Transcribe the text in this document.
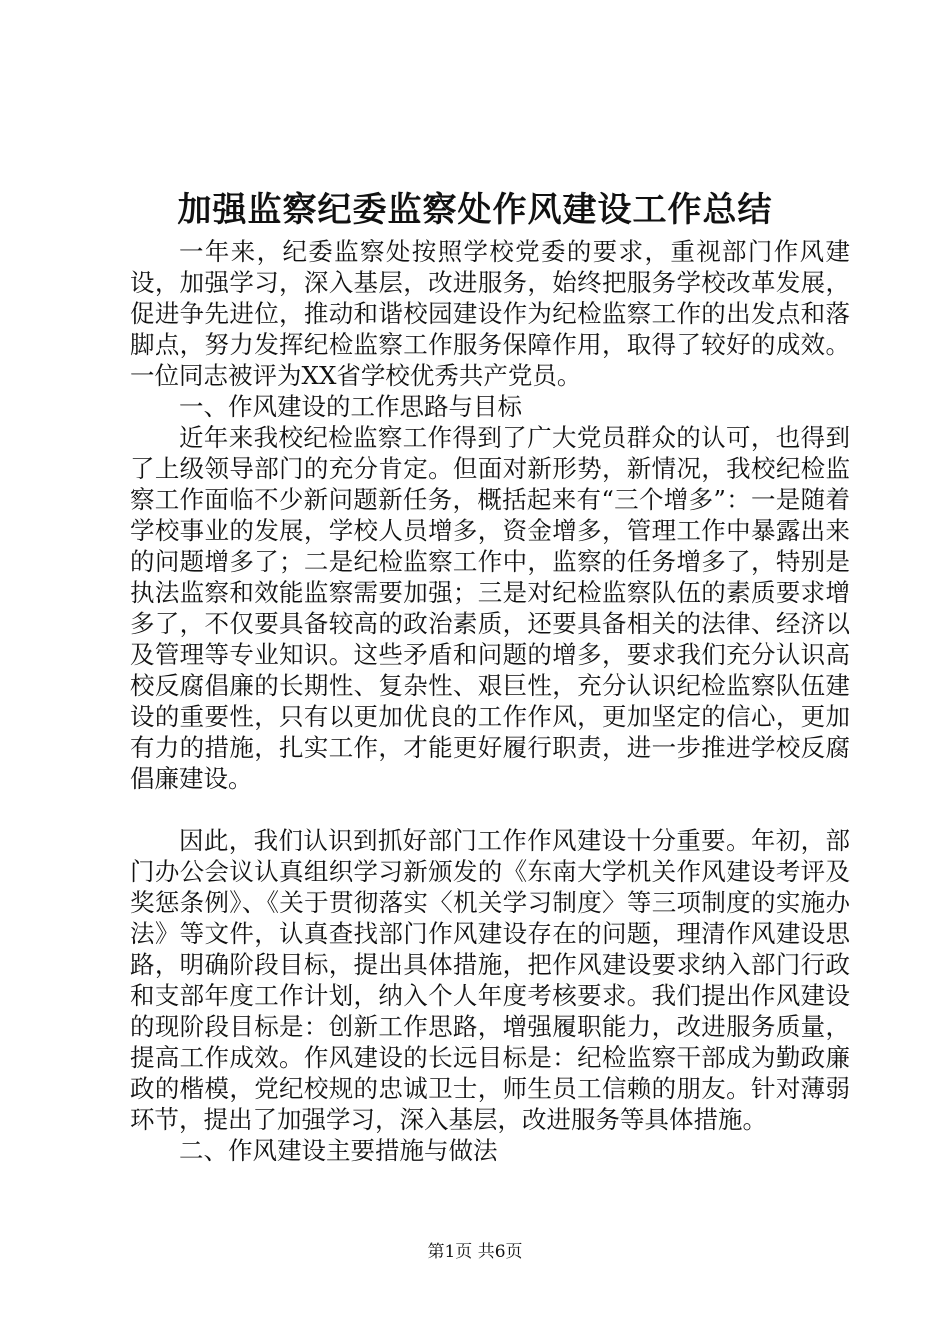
加强监察纪委监察处作风建设工作总结

一年来，纪委监察处按照学校党委的要求，重视部门作风建设，加强学习，深入基层，改进服务，始终把服务学校改革发展，促进争先进位，推动和谐校园建设作为纪检监察工作的出发点和落脚点，努力发挥纪检监察工作服务保障作用，取得了较好的成效。一位同志被评为XX省学校优秀共产党员。

一、作风建设的工作思路与目标

近年来我校纪检监察工作得到了广大党员群众的认可，也得到了上级领导部门的充分肯定。但面对新形势，新情况，我校纪检监察工作面临不少新问题新任务，概括起来有“三个增多”：一是随着学校事业的发展，学校人员增多，资金增多，管理工作中暴露出来的问题增多了；二是纪检监察工作中，监察的任务增多了，特别是执法监察和效能监察需要加强；三是对纪检监察队伍的素质要求增多了，不仅要具备较高的政治素质，还要具备相关的法律、经济以及管理等专业知识。这些矛盾和问题的增多，要求我们充分认识高校反腐倡廉的长期性、复杂性、艰巨性，充分认识纪检监察队伍建设的重要性，只有以更加优良的工作作风，更加坚定的信心，更加有力的措施，扎实工作，才能更好履行职责，进一步推进学校反腐倡廉建设。

因此，我们认识到抓好部门工作作风建设十分重要。年初，部门办公会议认真组织学习新颁发的《东南大学机关作风建设考评及奖惩条例》、《关于贯彻落实〈机关学习制度〉等三项制度的实施办法》等文件，认真查找部门作风建设存在的问题，理清作风建设思路，明确阶段目标，提出具体措施，把作风建设要求纳入部门行政和支部年度工作计划，纳入个人年度考核要求。我们提出作风建设的现阶段目标是：创新工作思路，增强履职能力，改进服务质量，提高工作成效。作风建设的长远目标是：纪检监察干部成为勤政廉政的楷模，党纪校规的忠诚卫士，师生员工信赖的朋友。针对薄弱环节，提出了加强学习，深入基层，改进服务等具体措施。

二、作风建设主要措施与做法

第1页 共6页
